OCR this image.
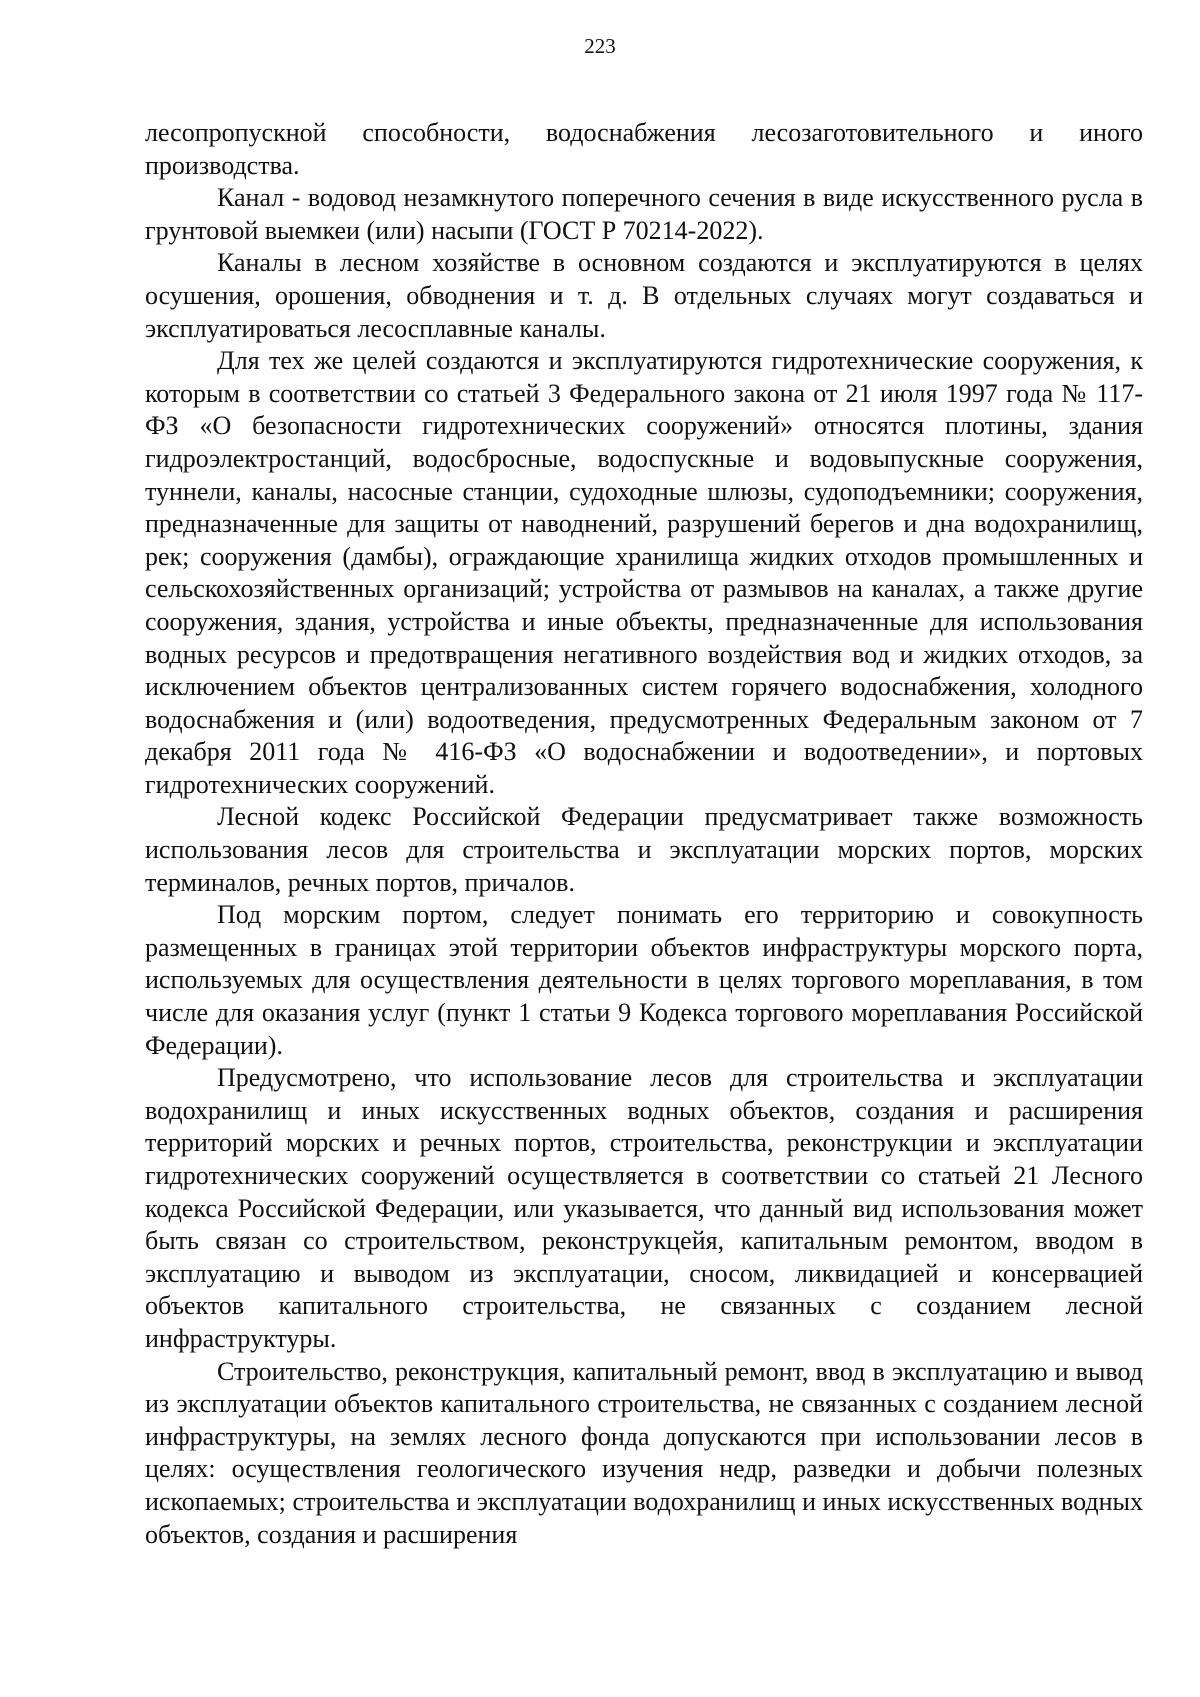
223

лесопропускной способности, водоснабжения лесозаготовительного и иного производства.

Канал - водовод незамкнутого поперечного сечения в виде искусственного русла в грунтовой выемкеи (или) насыпи (ГОСТ Р 70214-2022).

Каналы в лесном хозяйстве в основном создаются и эксплуатируются в целях осушения, орошения, обводнения и т. д. В отдельных случаях могут создаваться и эксплуатироваться лесосплавные каналы.

Для тех же целей создаются и эксплуатируются гидротехнические сооружения, к которым в соответствии со статьей 3 Федерального закона от 21 июля 1997 года № 117-ФЗ «О безопасности гидротехнических сооружений» относятся плотины, здания гидроэлектростанций, водосбросные, водоспускные и водовыпускные сооружения, туннели, каналы, насосные станции, судоходные шлюзы, судоподъемники; сооружения, предназначенные для защиты от наводнений, разрушений берегов и дна водохранилищ, рек; сооружения (дамбы), ограждающие хранилища жидких отходов промышленных и сельскохозяйственных организаций; устройства от размывов на каналах, а также другие сооружения, здания, устройства и иные объекты, предназначенные для использования водных ресурсов и предотвращения негативного воздействия вод и жидких отходов, за исключением объектов централизованных систем горячего водоснабжения, холодного водоснабжения и (или) водоотведения, предусмотренных Федеральным законом от 7 декабря 2011 года № 416-ФЗ «О водоснабжении и водоотведении», и портовых гидротехнических сооружений.

Лесной кодекс Российской Федерации предусматривает также возможность использования лесов для строительства и эксплуатации морских портов, морских терминалов, речных портов, причалов.

Под морским портом, следует понимать его территорию и совокупность размещенных в границах этой территории объектов инфраструктуры морского порта, используемых для осуществления деятельности в целях торгового мореплавания, в том числе для оказания услуг (пункт 1 статьи 9 Кодекса торгового мореплавания Российской Федерации).

Предусмотрено, что использование лесов для строительства и эксплуатации водохранилищ и иных искусственных водных объектов, создания и расширения территорий морских и речных портов, строительства, реконструкции и эксплуатации гидротехнических сооружений осуществляется в соответствии со статьей 21 Лесного кодекса Российской Федерации, или указывается, что данный вид использования может быть связан со строительством, реконструкцейя, капитальным ремонтом, вводом в эксплуатацию и выводом из эксплуатации, сносом, ликвидацией и консервацией объектов капитального строительства, не связанных с созданием лесной инфраструктуры.

Строительство, реконструкция, капитальный ремонт, ввод в эксплуатацию и вывод из эксплуатации объектов капитального строительства, не связанных с созданием лесной инфраструктуры, на землях лесного фонда допускаются при использовании лесов в целях: осуществления геологического изучения недр, разведки и добычи полезных ископаемых; строительства и эксплуатации водохранилищ и иных искусственных водных объектов, создания и расширения
